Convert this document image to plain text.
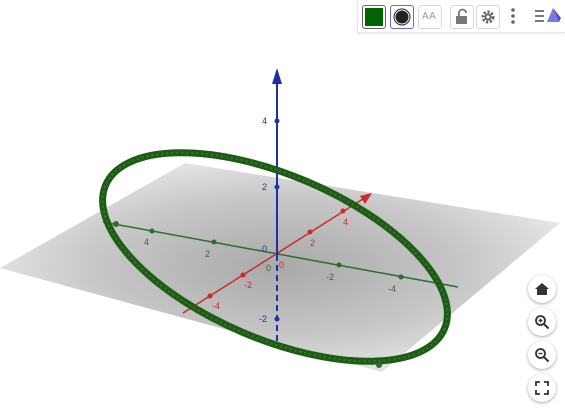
4
2
-2
-4
-4
-2
2
4
0
4
2
0
-2
0
AA
